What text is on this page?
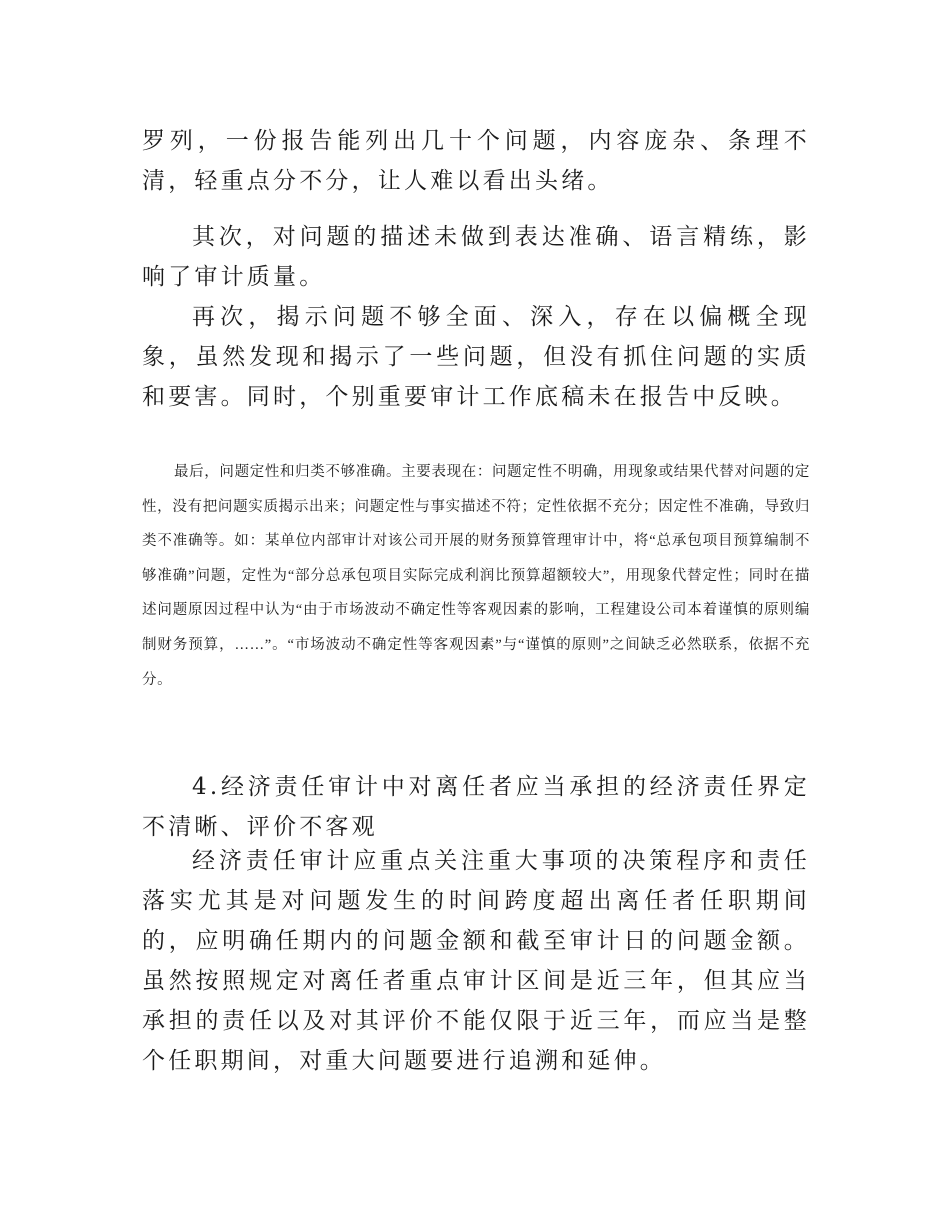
罗列，一份报告能列出几十个问题，内容庞杂、条理不清，轻重点分不分，让人难以看出头绪。

其次，对问题的描述未做到表达准确、语言精练，影响了审计质量。

再次，揭示问题不够全面、深入，存在以偏概全现象，虽然发现和揭示了一些问题，但没有抓住问题的实质和要害。同时，个别重要审计工作底稿未在报告中反映。

最后，问题定性和归类不够准确。主要表现在：问题定性不明确，用现象或结果代替对问题的定性，没有把问题实质揭示出来；问题定性与事实描述不符；定性依据不充分；因定性不准确，导致归类不准确等。如：某单位内部审计对该公司开展的财务预算管理审计中，将“总承包项目预算编制不够准确”问题，定性为“部分总承包项目实际完成利润比预算超额较大”，用现象代替定性；同时在描述问题原因过程中认为“由于市场波动不确定性等客观因素的影响，工程建设公司本着谨慎的原则编制财务预算，……”。“市场波动不确定性等客观因素”与“谨慎的原则”之间缺乏必然联系，依据不充分。

4.经济责任审计中对离任者应当承担的经济责任界定不清晰、评价不客观

经济责任审计应重点关注重大事项的决策程序和责任落实尤其是对问题发生的时间跨度超出离任者任职期间的，应明确任期内的问题金额和截至审计日的问题金额。虽然按照规定对离任者重点审计区间是近三年，但其应当承担的责任以及对其评价不能仅限于近三年，而应当是整个任职期间，对重大问题要进行追溯和延伸。
